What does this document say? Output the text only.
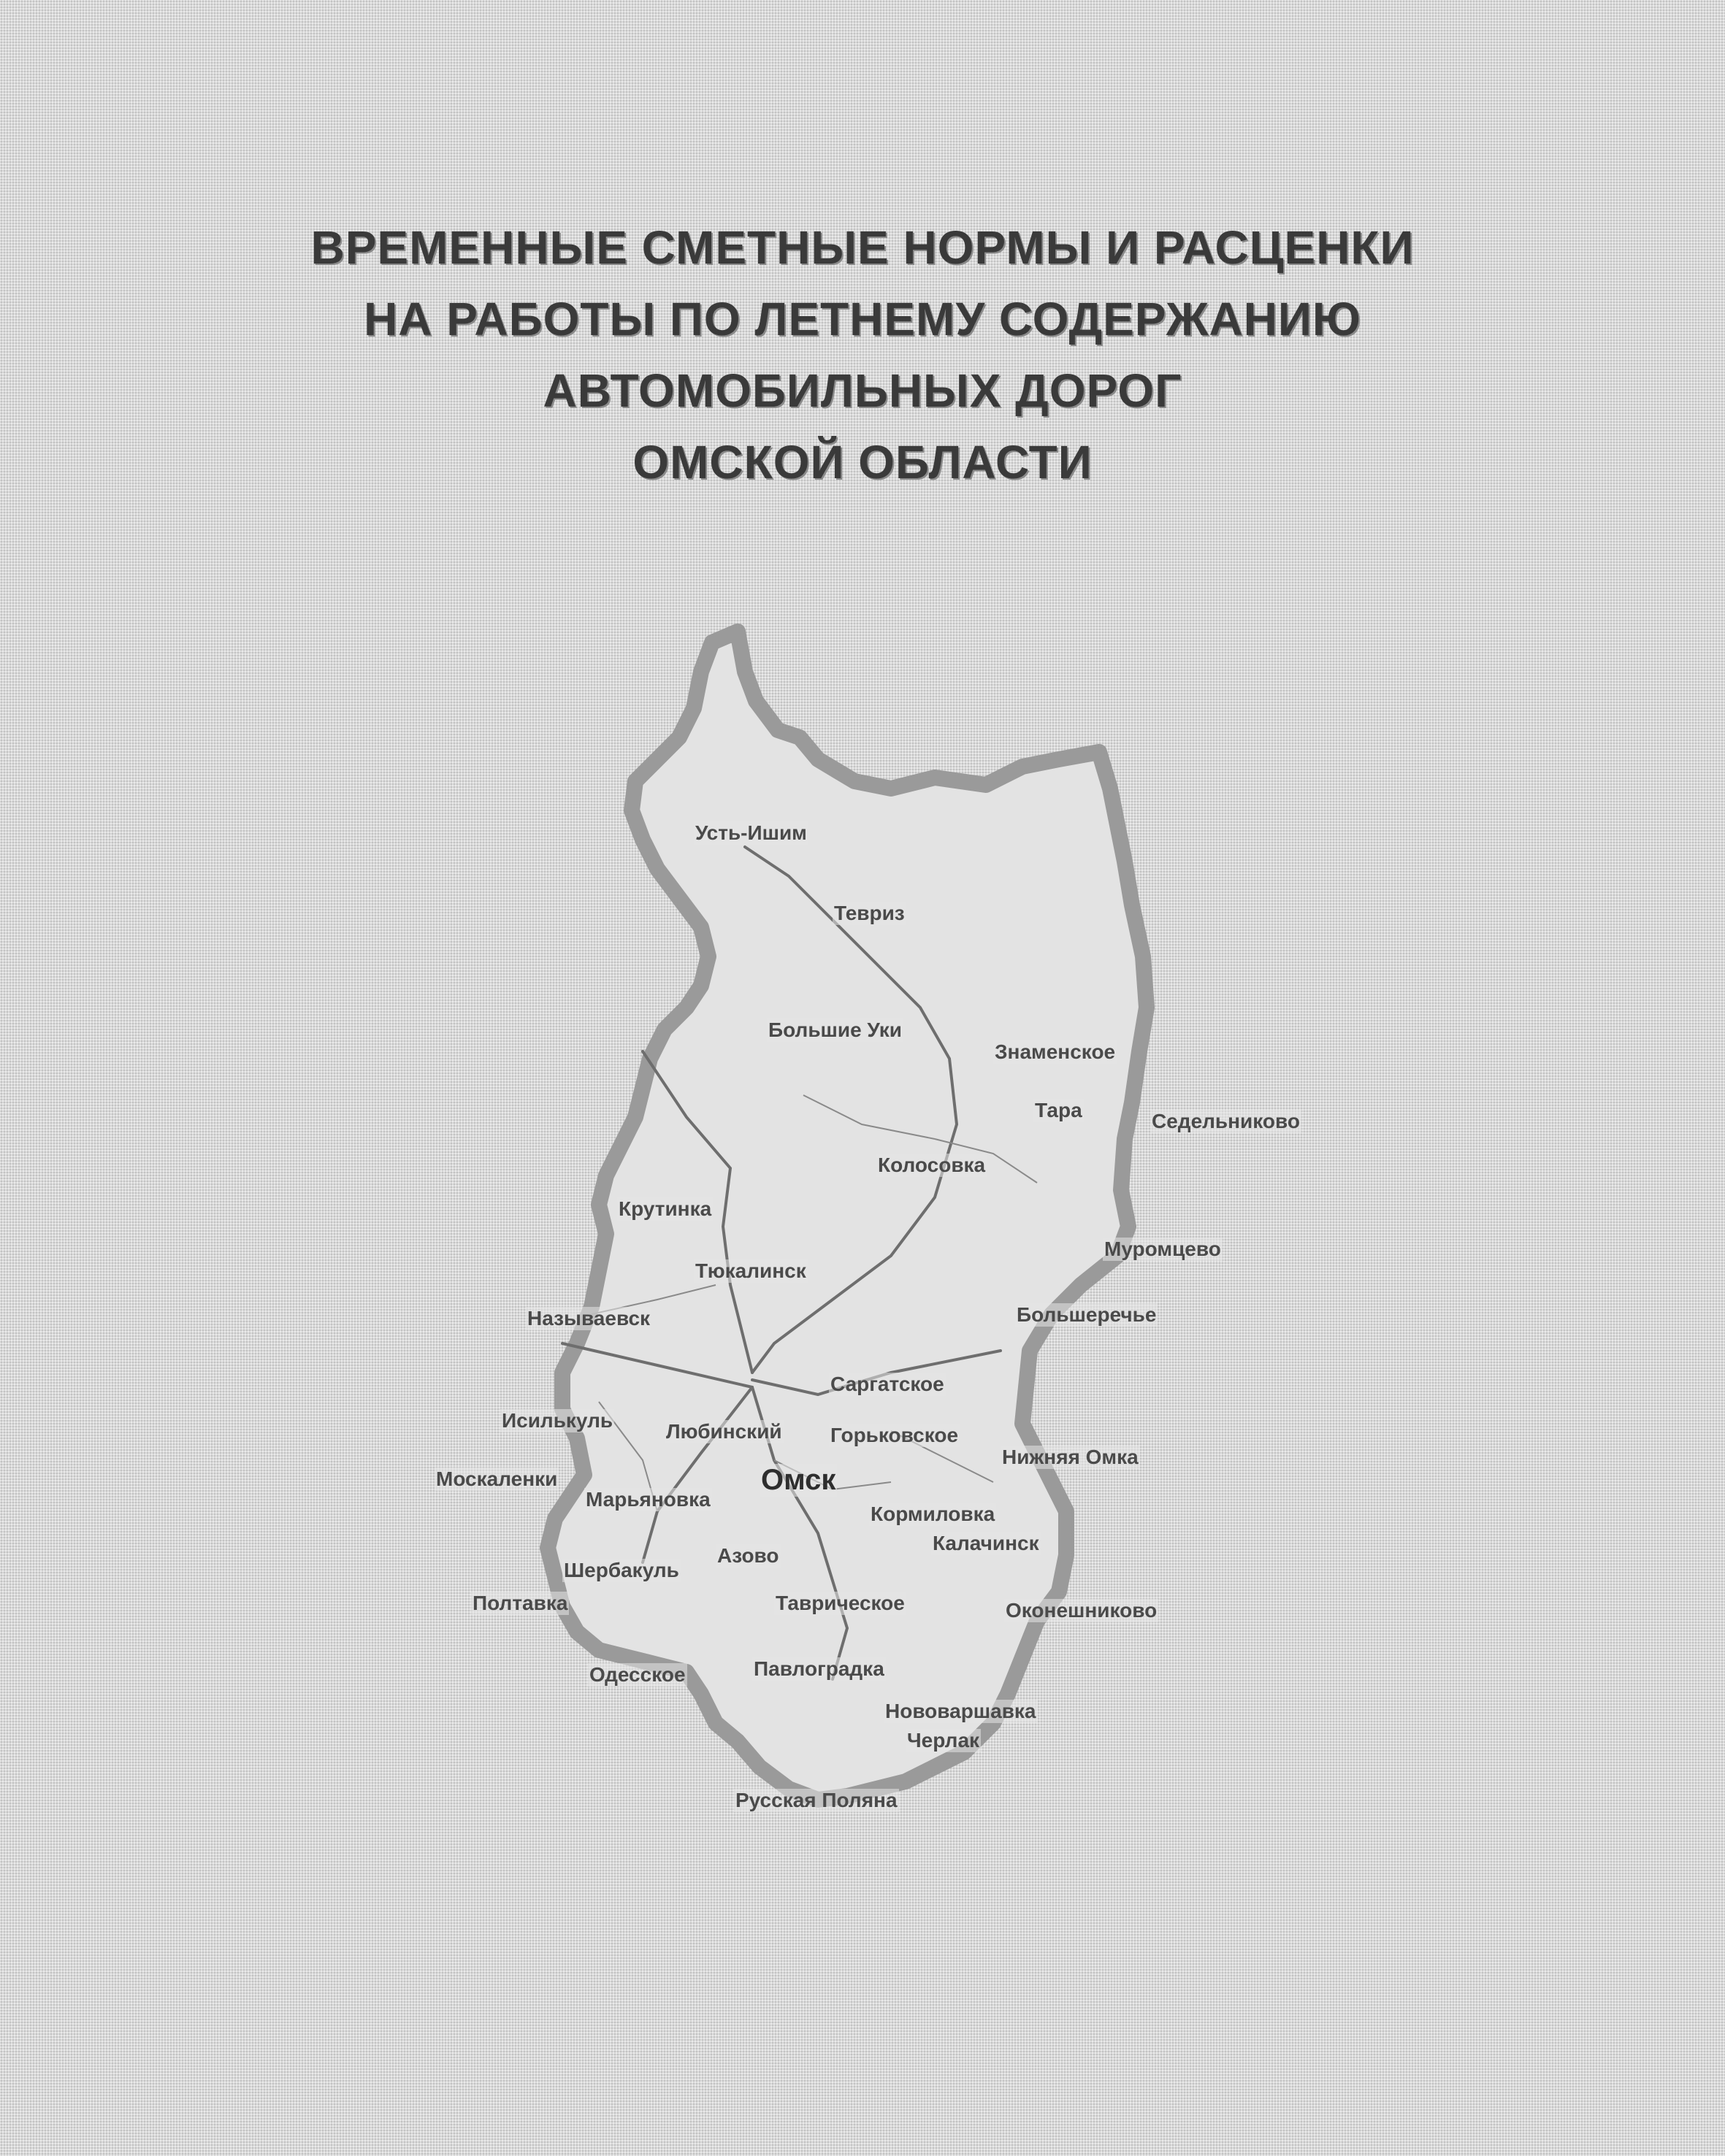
ВРЕМЕННЫЕ СМЕТНЫЕ НОРМЫ И РАСЦЕНКИ
НА РАБОТЫ ПО ЛЕТНЕМУ СОДЕРЖАНИЮ
АВТОМОБИЛЬНЫХ ДОРОГ
ОМСКОЙ ОБЛАСТИ
Усть-Ишим
Тевриз
Большие Уки
Знаменское
Тара	Седельниково
Колосовка
Крутинка
Муромцево
Тюкалинск
Называевск	Большеречье
Саргатское
Исилькуль	Любинский Горьковское
Нижняя Омка
Москаленки	Омск
Марьяновка
Кормиловка
Калачинск
Азово
Шербакуль
Полтавка	Таврическое	Оконешниково
Одесское	Павлоградка
Нововаршавка
Черлак
Русская Поляна
